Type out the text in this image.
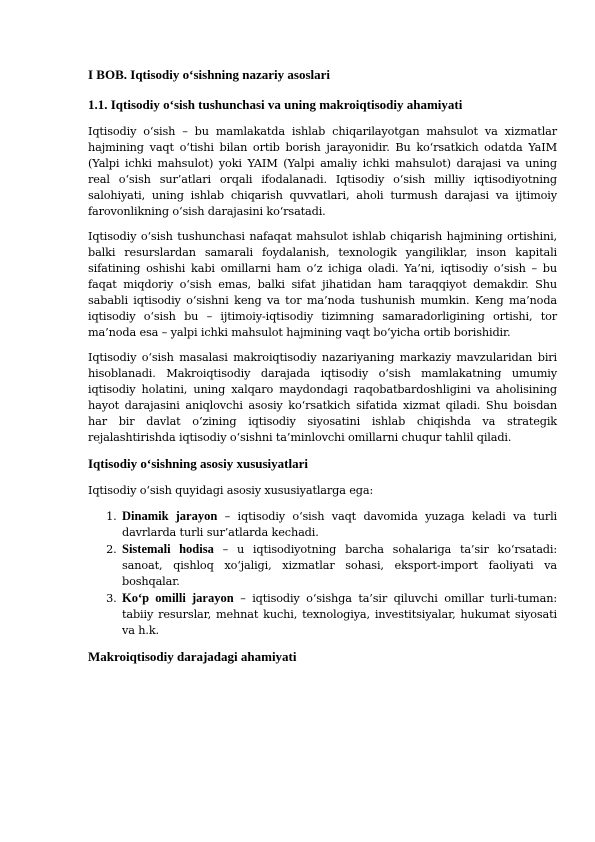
I BOB. Iqtisodiy o‘sishning nazariy asoslari
1.1. Iqtisodiy o‘sish tushunchasi va uning makroiqtisodiy ahamiyati

Iqtisodiy o‘sish – bu mamlakatda ishlab chiqarilayotgan mahsulot va xizmatlar hajmining vaqt o‘tishi bilan ortib borish jarayonidir. Bu ko‘rsatkich odatda YaIM (Yalpi ichki mahsulot) yoki YAIM (Yalpi amaliy ichki mahsulot) darajasi va uning real o‘sish sur’atlari orqali ifodalanadi. Iqtisodiy o‘sish milliy iqtisodiyotning salohiyati, uning ishlab chiqarish quvvatlari, aholi turmush darajasi va ijtimoiy farovonlikning o‘sish darajasini ko‘rsatadi.

Iqtisodiy o‘sish tushunchasi nafaqat mahsulot ishlab chiqarish hajmining ortishini, balki resurslardan samarali foydalanish, texnologik yangiliklar, inson kapitali sifatining oshishi kabi omillarni ham o‘z ichiga oladi. Ya’ni, iqtisodiy o‘sish – bu faqat miqdoriy o‘sish emas, balki sifat jihatidan ham taraqqiyot demakdir. Shu sababli iqtisodiy o‘sishni keng va tor ma’noda tushunish mumkin. Keng ma’noda iqtisodiy o‘sish bu – ijtimoiy-iqtisodiy tizimning samaradorligining ortishi, tor ma’noda esa – yalpi ichki mahsulot hajmining vaqt bo‘yicha ortib borishidir.

Iqtisodiy o‘sish masalasi makroiqtisodiy nazariyaning markaziy mavzularidan biri hisoblanadi. Makroiqtisodiy darajada iqtisodiy o‘sish mamlakatning umumiy iqtisodiy holatini, uning xalqaro maydondagi raqobatbardoshligini va aholisining hayot darajasini aniqlovchi asosiy ko‘rsatkich sifatida xizmat qiladi. Shu boisdan har bir davlat o‘zining iqtisodiy siyosatini ishlab chiqishda va strategik rejalashtirishda iqtisodiy o‘sishni ta’minlovchi omillarni chuqur tahlil qiladi.

Iqtisodiy o‘sishning asosiy xususiyatlari

Iqtisodiy o‘sish quyidagi asosiy xususiyatlarga ega:

1. Dinamik jarayon – iqtisodiy o‘sish vaqt davomida yuzaga keladi va turli davrlarda turli sur’atlarda kechadi.
2. Sistemali hodisa – u iqtisodiyotning barcha sohalariga ta’sir ko‘rsatadi: sanoat, qishloq xo‘jaligi, xizmatlar sohasi, eksport-import faoliyati va boshqalar.
3. Ko‘p omilli jarayon – iqtisodiy o‘sishga ta’sir qiluvchi omillar turli-tuman: tabiiy resurslar, mehnat kuchi, texnologiya, investitsiyalar, hukumat siyosati va h.k.
Makroiqtisodiy darajadagi ahamiyati
